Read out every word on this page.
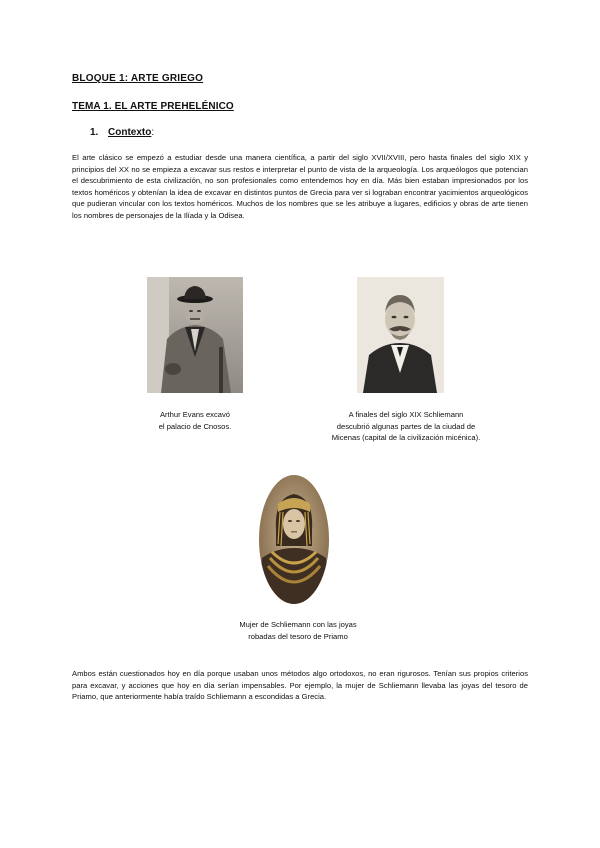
BLOQUE 1: ARTE GRIEGO
TEMA 1. EL ARTE PREHELÉNICO
1. Contexto:

El arte clásico se empezó a estudiar desde una manera científica, a partir del siglo XVII/XVIII, pero hasta finales del siglo XIX y principios del XX no se empieza a excavar sus restos e interpretar el punto de vista de la arqueología. Los arqueólogos que potencian el descubrimiento de esta civilización, no son profesionales como entendemos hoy en día. Más bien estaban impresionados por los textos homéricos y obtenían la idea de excavar en distintos puntos de Grecia para ver si lograban encontrar yacimientos arqueológicos que pudieran vincular con los textos homéricos. Muchos de los nombres que se les atribuye a lugares, edificios y obras de arte tienen los nombres de personajes de la Ilíada y la Odisea.

Arthur Evans excavó
el palacio de Cnosos.
A finales del siglo XIX Schliemann
descubrió algunas partes de la ciudad de
Micenas (capital de la civilización micénica).
Mujer de Schliemann con las joyas
robadas del tesoro de Priamo

Ambos están cuestionados hoy en día porque usaban unos métodos algo ortodoxos, no eran rigurosos. Tenían sus propios criterios para excavar, y acciones que hoy en día serían impensables. Por ejemplo, la mujer de Schliemann llevaba las joyas del tesoro de Priamo, que anteriormente había traído Schliemann a escondidas a Grecia.
